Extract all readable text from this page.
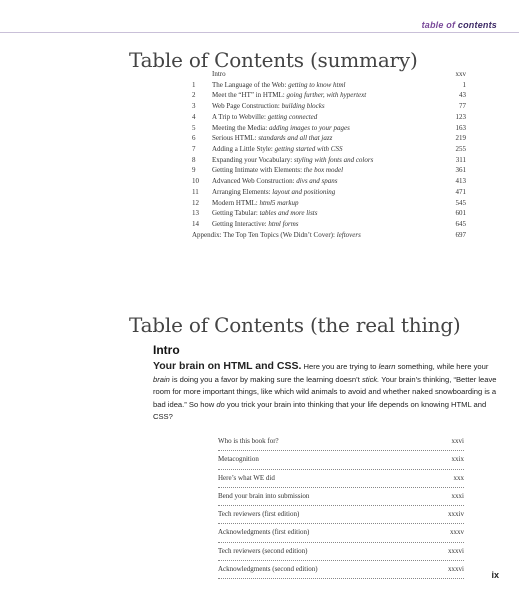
table of contents
Table of Contents (summary)
Intro	xxv
1	The Language of the Web: getting to know html	1
2	Meet the “HT” in HTML: going further, with hypertext	43
3	Web Page Construction: building blocks	77
4	A Trip to Webville: getting connected	123
5	Meeting the Media: adding images to your pages	163
6	Serious HTML: standards and all that jazz	219
7	Adding a Little Style: getting started with CSS	255
8	Expanding your Vocabulary: styling with fonts and colors	311
9	Getting Intimate with Elements: the box model	361
10	Advanced Web Construction: divs and spans	413
11	Arranging Elements: layout and positioning	471
12	Modern HTML: html5 markup	545
13	Getting Tabular: tables and more lists	601
14	Getting Interactive: html forms	645
Appendix: The Top Ten Topics (We Didn’t Cover): leftovers	697
Table of Contents (the real thing)
Intro
Your brain on HTML and CSS. Here you are trying to learn something, while here your brain is doing you a favor by making sure the learning doesn’t stick. Your brain’s thinking, “Better leave room for more important things, like which wild animals to avoid and whether naked snowboarding is a bad idea.” So how do you trick your brain into thinking that your life depends on knowing HTML and CSS?
Who is this book for?	xxvi
Metacognition	xxix
Here’s what WE did	xxx
Bend your brain into submission	xxxi
Tech reviewers (first edition)	xxxiv
Acknowledgments (first edition)	xxxv
Tech reviewers (second edition)	xxxvi
Acknowledgments (second edition)	xxxvi
ix
